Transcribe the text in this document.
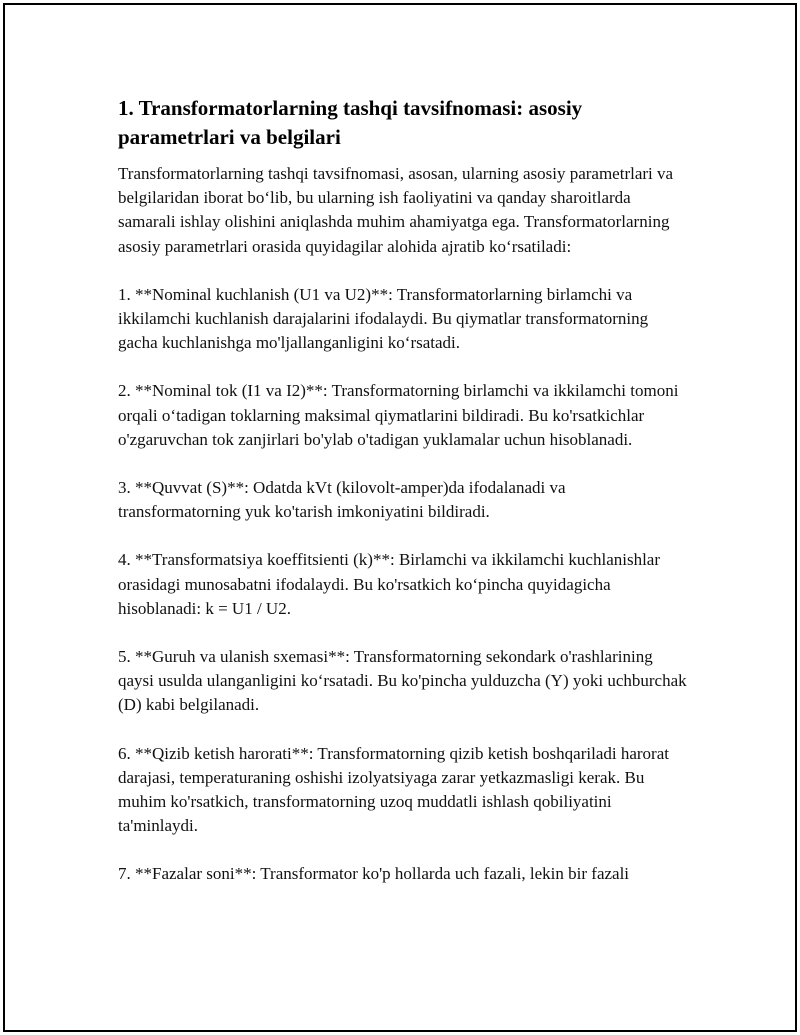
1. Transformatorlarning tashqi tavsifnomasi: asosiy parametrlari va belgilari

Transformatorlarning tashqi tavsifnomasi, asosan, ularning asosiy parametrlari va belgilaridan iborat bo‘lib, bu ularning ish faoliyatini va qanday sharoitlarda samarali ishlay olishini aniqlashda muhim ahamiyatga ega. Transformatorlarning asosiy parametrlari orasida quyidagilar alohida ajratib ko‘rsatiladi:

1. **Nominal kuchlanish (U1 va U2)**: Transformatorlarning birlamchi va ikkilamchi kuchlanish darajalarini ifodalaydi. Bu qiymatlar transformatorning gacha kuchlanishga mo'ljallanganligini ko‘rsatadi.

2. **Nominal tok (I1 va I2)**: Transformatorning birlamchi va ikkilamchi tomoni orqali o‘tadigan toklarning maksimal qiymatlarini bildiradi. Bu ko'rsatkichlar o'zgaruvchan tok zanjirlari bo'ylab o'tadigan yuklamalar uchun hisoblanadi.

3. **Quvvat (S)**: Odatda kVt (kilovolt-amper)da ifodalanadi va transformatorning yuk ko'tarish imkoniyatini bildiradi.

4. **Transformatsiya koeffitsienti (k)**: Birlamchi va ikkilamchi kuchlanishlar orasidagi munosabatni ifodalaydi. Bu ko'rsatkich ko‘pincha quyidagicha hisoblanadi: k = U1 / U2.

5. **Guruh va ulanish sxemasi**: Transformatorning sekondark o'rashlarining qaysi usulda ulanganligini ko‘rsatadi. Bu ko'pincha yulduzcha (Y) yoki uchburchak (D) kabi belgilanadi.

6. **Qizib ketish harorati**: Transformatorning qizib ketish boshqariladi harorat darajasi, temperaturaning oshishi izolyatsiyaga zarar yetkazmasligi kerak. Bu muhim ko'rsatkich, transformatorning uzoq muddatli ishlash qobiliyatini ta'minlaydi.

7. **Fazalar soni**: Transformator ko'p hollarda uch fazali, lekin bir fazali
